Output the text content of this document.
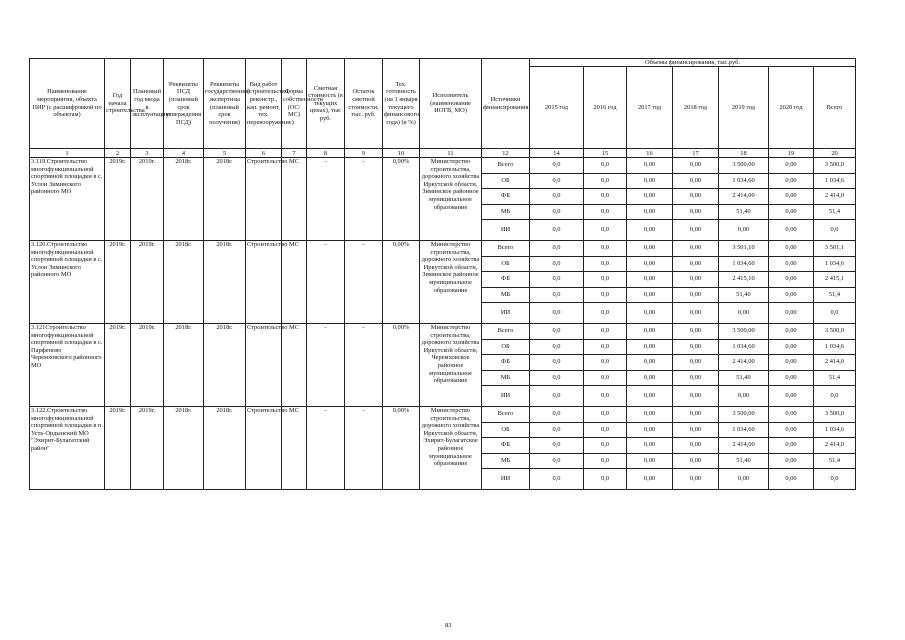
Наименование мероприятия, объекта ПИР (с расшифровкой по объектам)	Год начала строительства	Плановый год ввода в эксплуатацию	Реквизиты ПСД (плановый срок утверждения ПСД)	Реквизиты государственной экспертизы (плановый срок получения)	Вид работ (строительство, реконстр., кап. ремонт, тех. перевооружение)	Форма собственности (ОС/МС)	Сметная стоимость (в текущих ценах), тыс руб.	Остаток сметной стоимости, тыс. руб.	Тех. готовность (на 1 января текущего финансового года) (в %)	Исполнитель (наименование ИОГВ, МО)	Источники финансирования	Объемы финансирования, тыс.руб.						
												2015 год	2016 год	2017 год	2018 год	2019 год	2020 год	Всего
1	2	3	4	5	6	7	8	9	10	11	12	14	15	16	17	18	19	20
3.119.Строительство многофункциональной спортивной площадки в с. Услон Зиминского районного МО	2019г.	2019г.	2018г.	2018г.	Строительство	МС	-	-	0,00%	Министерство строительства, дорожного хозяйства Иркутской области, Зиминское районное муниципальное образование	Всего	0,0	0,0	0,00	0,00	3 500,00	0,00	3 500,0
											ОБ	0,0	0,0	0,00	0,00	1 034,60	0,00	1 034,6
											ФБ	0,0	0,0	0,00	0,00	2 414,00	0,00	2 414,0
											МБ	0,0	0,0	0,00	0,00	51,40	0,00	51,4
											ИИ	0,0	0,0	0,00	0,00	0,00	0,00	0,0
3.120.Строительство многофункциональной спортивной площадки в с. Услон Зиминского районного МО	2019г.	2019г.	2018г.	2018г.	Строительство	МС	-	-	0,00%	Министерство строительства, дорожного хозяйства Иркутской области, Зиминское районное муниципальное образование	Всего	0,0	0,0	0,00	0,00	3 501,10	0,00	3 501,1
											ОБ	0,0	0,0	0,00	0,00	1 034,60	0,00	1 034,6
											ФБ	0,0	0,0	0,00	0,00	2 415,10	0,00	2 415,1
											МБ	0,0	0,0	0,00	0,00	51,40	0,00	51,4
											ИИ	0,0	0,0	0,00	0,00	0,00	0,00	0,0
3.121Строительство многофункциональной спортивной площадки в с. Парфеново Черемховского районного МО	2019г.	2019г.	2018г.	2018г.	Строительство	МС	-	-	0,00%	Министерство строительства, дорожного хозяйства Иркутской области, Черемховское районное муниципальное образование	Всего	0,0	0,0	0,00	0,00	3 500,00	0,00	3 500,0
											ОБ	0,0	0,0	0,00	0,00	1 034,60	0,00	1 034,6
											ФБ	0,0	0,0	0,00	0,00	2 414,00	0,00	2 414,0
											МБ	0,0	0,0	0,00	0,00	51,40	0,00	51,4
											ИИ	0,0	0,0	0,00	0,00	0,00	0,00	0,0
3.122.Строительство многофункциональной спортивной площадки в п. Усть-Ордынский МО "Эхирит-Булагатский район"	2019г.	2019г.	2018г.	2018г.	Строительство	МС	-	-	0,00%	Министерство строительства, дорожного хозяйства Иркутской области, Эхирит-Булагатское районное муниципальное образование	Всего	0,0	0,0	0,00	0,00	3 500,00	0,00	3 500,0
											ОБ	0,0	0,0	0,00	0,00	1 034,60	0,00	1 034,6
											ФБ	0,0	0,0	0,00	0,00	2 414,00	0,00	2 414,0
											МБ	0,0	0,0	0,00	0,00	51,40	0,00	51,4
											ИИ	0,0	0,0	0,00	0,00	0,00	0,00	0,0
83
